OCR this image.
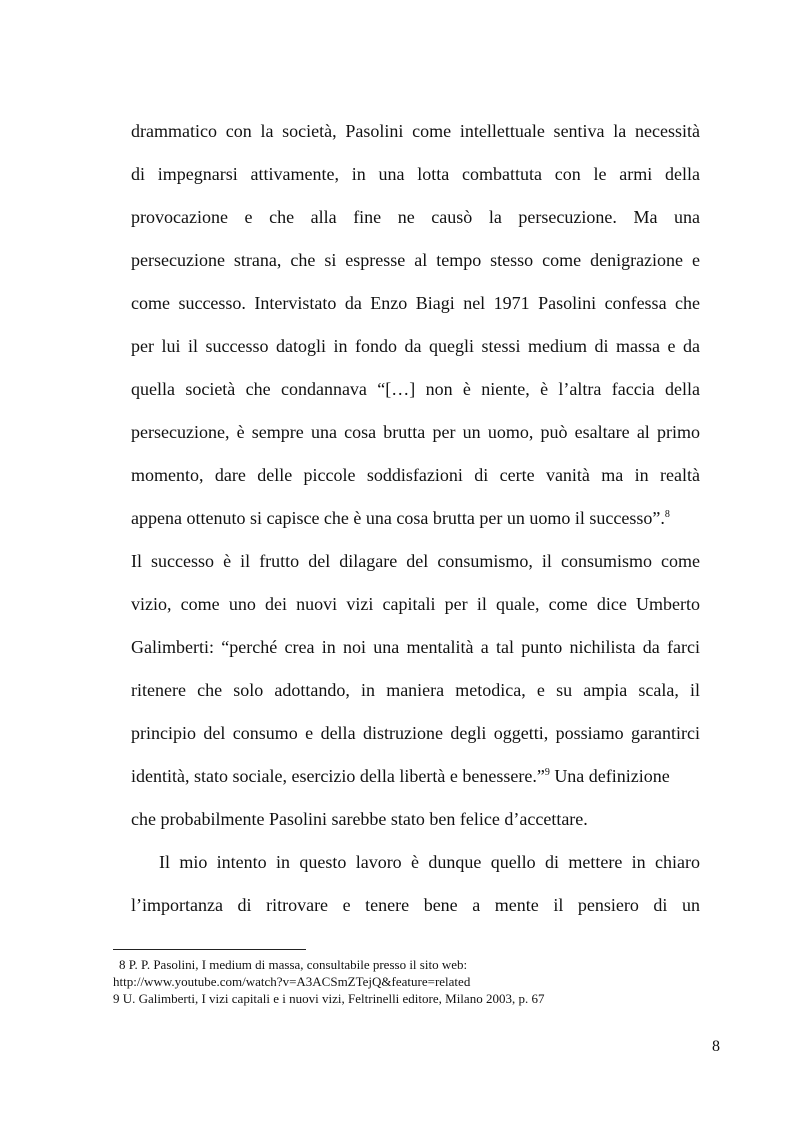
drammatico con la società, Pasolini come intellettuale sentiva la necessità
di impegnarsi attivamente, in una lotta combattuta con le armi della
provocazione e che alla fine ne causò la persecuzione. Ma una
persecuzione strana, che si espresse al tempo stesso come denigrazione e
come successo. Intervistato da Enzo Biagi nel 1971 Pasolini confessa che
per lui il successo datogli in fondo da quegli stessi medium di massa e da
quella società che condannava “[…] non è niente, è l’altra faccia della
persecuzione, è sempre una cosa brutta per un uomo, può esaltare al primo
momento, dare delle piccole soddisfazioni di certe vanità ma in realtà
appena ottenuto si capisce che è una cosa brutta per un uomo il successo”.$^8$
Il successo è il frutto del dilagare del consumismo, il consumismo come
vizio, come uno dei nuovi vizi capitali per il quale, come dice Umberto
Galimberti: “perché crea in noi una mentalità a tal punto nichilista da farci
ritenere che solo adottando, in maniera metodica, e su ampia scala, il
principio del consumo e della distruzione degli oggetti, possiamo garantirci
identità, stato sociale, esercizio della libertà e benessere.”$^9$ Una definizione
che probabilmente Pasolini sarebbe stato ben felice d’accettare.
Il mio intento in questo lavoro è dunque quello di mettere in chiaro
l’importanza di ritrovare e tenere bene a mente il pensiero di un
8 P. P. Pasolini, I medium di massa, consultabile presso il sito web:
http://www.youtube.com/watch?v=A3ACSmZTejQ&feature=related
9 U. Galimberti, I vizi capitali e i nuovi vizi, Feltrinelli editore, Milano 2003, p. 67
8
